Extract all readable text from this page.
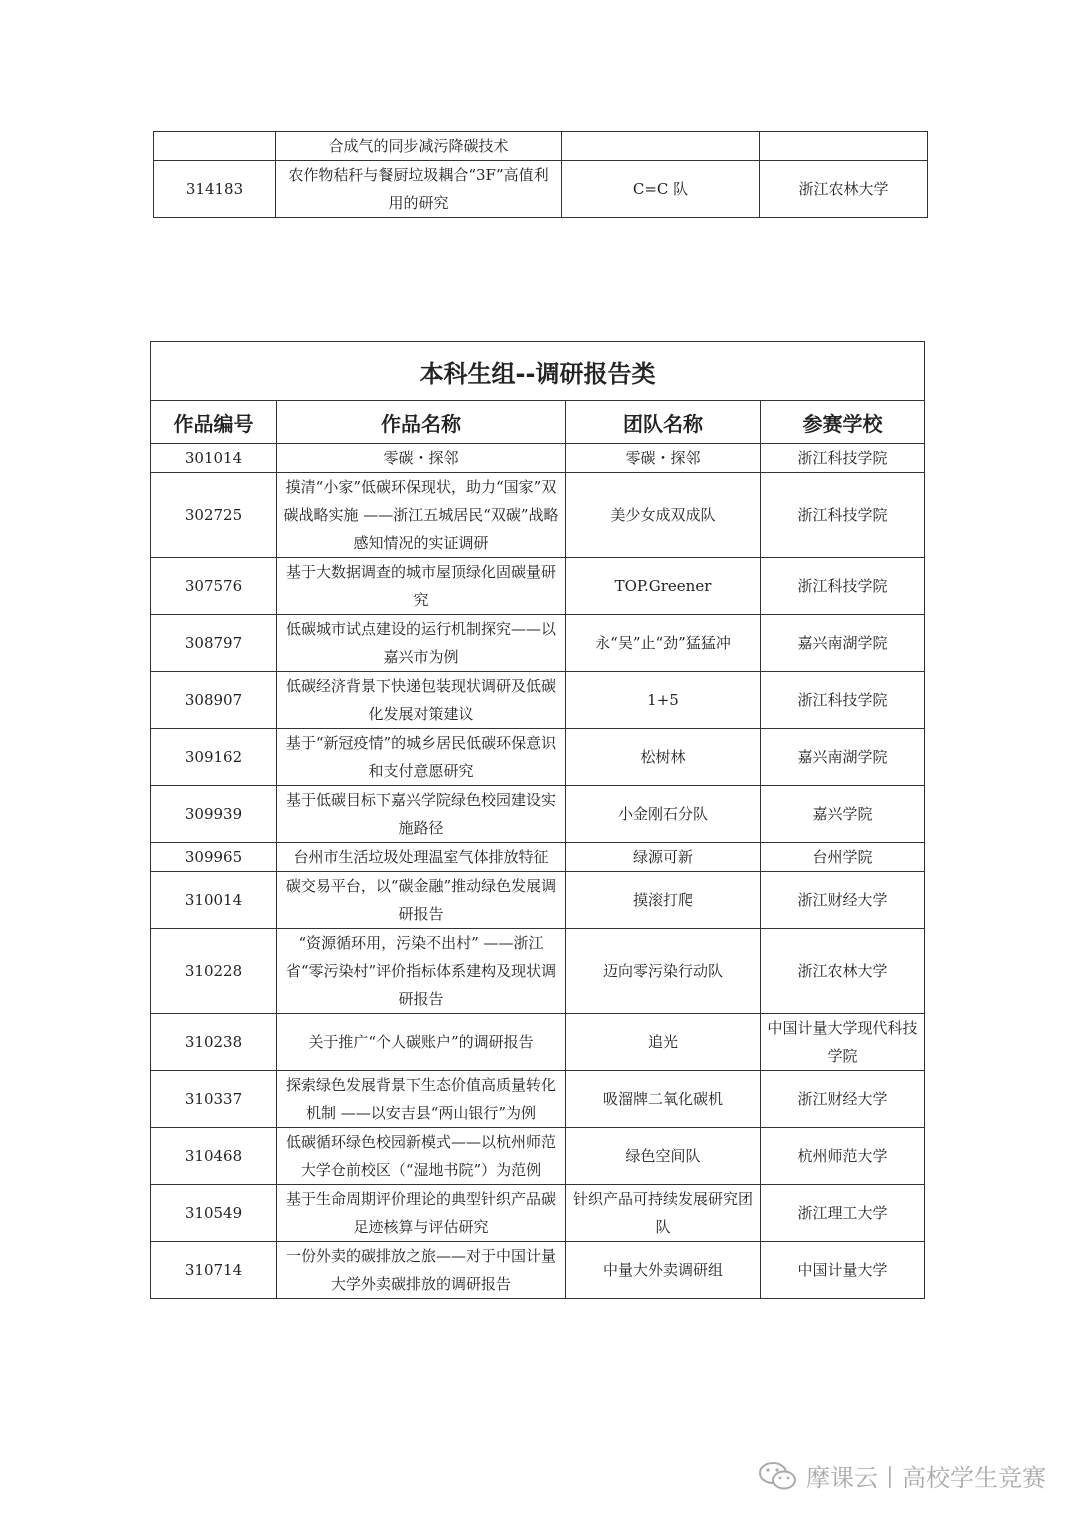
	合成气的同步减污降碳技术		
314183	农作物秸秆与餐厨垃圾耦合“3F”高值利用的研究	C=C 队	浙江农林大学
本科生组--调研报告类			
作品编号	作品名称	团队名称	参赛学校
301014	零碳・探邻	零碳・探邻	浙江科技学院
302725	摸清“小家”低碳环保现状，助力“国家”双碳战略实施 ——浙江五城居民“双碳”战略感知情况的实证调研	美少女成双成队	浙江科技学院
307576	基于大数据调查的城市屋顶绿化固碳量研究	TOP.Greener	浙江科技学院
308797	低碳城市试点建设的运行机制探究——以嘉兴市为例	永“吴”止“劲”猛猛冲	嘉兴南湖学院
308907	低碳经济背景下快递包装现状调研及低碳化发展对策建议	1+5	浙江科技学院
309162	基于“新冠疫情”的城乡居民低碳环保意识和支付意愿研究	松树林	嘉兴南湖学院
309939	基于低碳目标下嘉兴学院绿色校园建设实施路径	小金刚石分队	嘉兴学院
309965	台州市生活垃圾处理温室气体排放特征	绿源可新	台州学院
310014	碳交易平台，以“碳金融”推动绿色发展调研报告	摸滚打爬	浙江财经大学
310228	“资源循环用，污染不出村” ——浙江省“零污染村”评价指标体系建构及现状调研报告	迈向零污染行动队	浙江农林大学
310238	关于推广“个人碳账户”的调研报告	追光	中国计量大学现代科技学院
310337	探索绿色发展背景下生态价值高质量转化机制 ——以安吉县“两山银行”为例	吸溜牌二氧化碳机	浙江财经大学
310468	低碳循环绿色校园新模式——以杭州师范大学仓前校区（“湿地书院”）为范例	绿色空间队	杭州师范大学
310549	基于生命周期评价理论的典型针织产品碳足迹核算与评估研究	针织产品可持续发展研究团队	浙江理工大学
310714	一份外卖的碳排放之旅——对于中国计量大学外卖碳排放的调研报告	中量大外卖调研组	中国计量大学
摩课云丨高校学生竞赛
